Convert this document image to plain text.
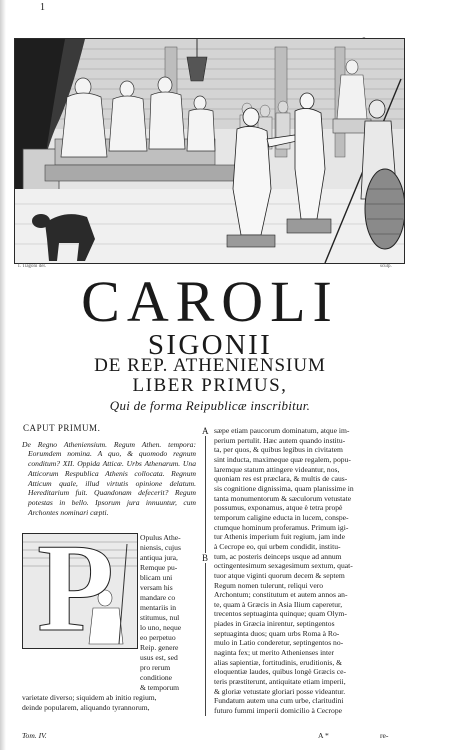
1
I. Tiagoni del.	sculp.
CAROLI
SIGONII
DE REP. ATHENIENSIUM
LIBER PRIMUS,
Qui de forma Reipublicæ inscribitur.
CAPUT PRIMUM.

De Regno Atheniensium. Regum Athen. tempora: Eorumdem nomina. A quo, & quomodo regnum conditum? XII. Oppida Atticæ. Urbs Athenarum. Una Atticorum Respublica Athenis collocata. Regnum Atticum quale, illud virtutis opinione delatum. Hereditarium fuit. Quandonam defecerit? Regum potestas in bello. Ipsorum jura innuuntur, cum Archontes nominari cæpti.

P	Opulus Athe-
niensis, cujus
antiqua jura,
Remque pu-
blicam uni
versam his
mandare co
mentariis in
stitumus, nul
lo uno, neque
eo perpetuo
Reip. genere
usus est, sed
pro rerum
conditione
& temporum
varietate diverso; siquidem ab initio regium,
deinde popularem, aliquando tyrannorum,
A
B
sæpe etiam paucorum dominatum, atque im-
perium pertulit. Hæc autem quando institu-
ta, per quos, & quibus legibus in civitatem
sint inducta, maximeque quæ regalem, popu-
laremque statum attingere videantur, nos,
quoniam res est præclara, & multis de caus-
sis cognitione dignissima, quam planissime in
tanta monumentorum & sæculorum vetustate
possumus, exponamus, atque è tetra propè
temporum caligine educta in lucem, conspe-
ctumque hominum proferamus. Primum igi-
tur Athenis imperium fuit regium, jam inde
à Cecrope eo, qui urbem condidit, institu-
tum, ac posteris deinceps usque ad annum
octingentesimum sexagesimum sextum, quat-
tuor atque viginti quorum decem & septem
Regum nomen tulerunt, reliqui vero
Archontum; constitutum et autem annos an-
te, quam à Græcis in Asia Ilium caperetur,
trecentos septuaginta quinque; quam Olym-
piades in Græcia inirentur, septingentos
septuaginta duos; quam urbs Roma à Ro-
mulo in Latio conderetur, septingentos no-
naginta fex; ut merito Athenienses inter
alias sapientiæ, fortitudinis, eruditionis, &
eloquentiæ laudes, quibus longè Græcis ce-
teris præstiterunt, antiquitate etiam imperii,
& gloriæ vetustate gloriari posse videantur.
Fundatum autem una cum urbe, claritudini
futuro fummi imperii domicilio à Cecrope
Tom. IV.	A *	re-
